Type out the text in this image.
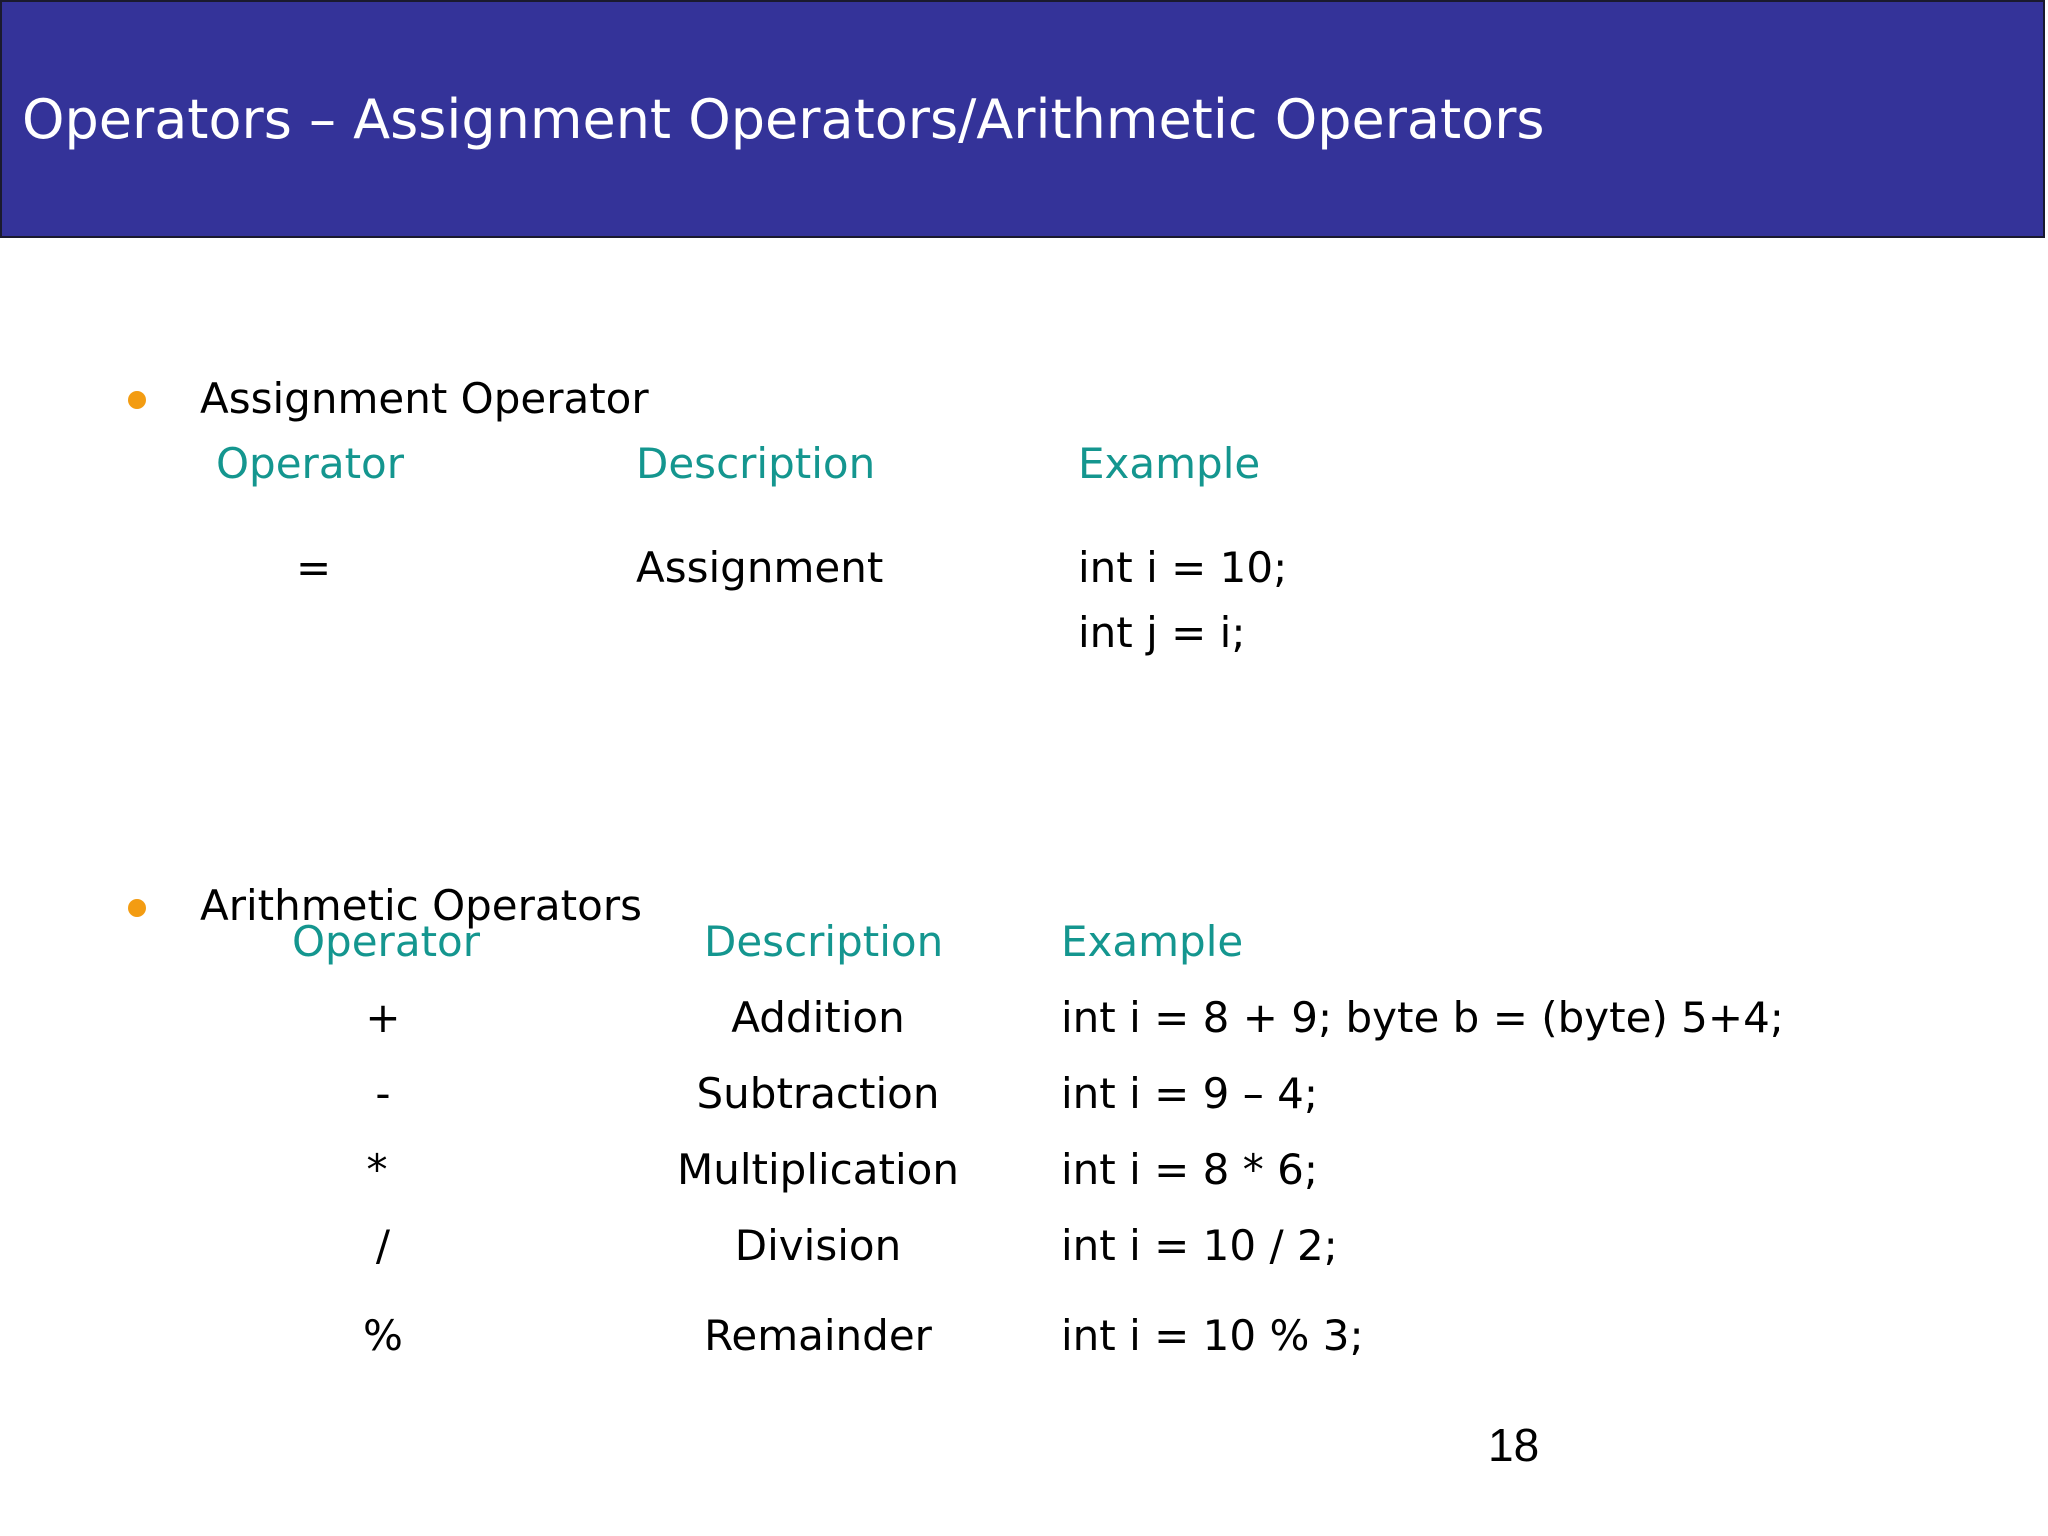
Operators – Assignment Operators/Arithmetic Operators
Assignment Operator
Operator	Description	Example
=	Assignment	int i = 10;
int j = i;
Arithmetic Operators
Operator	Description	Example
+	Addition	int i = 8 + 9; byte b = (byte) 5+4;
-	Subtraction	int i = 9 – 4;
*	Multiplication int i = 8 * 6;
/	Division	int i = 10 / 2;
%	Remainder	int i = 10 % 3;
18
